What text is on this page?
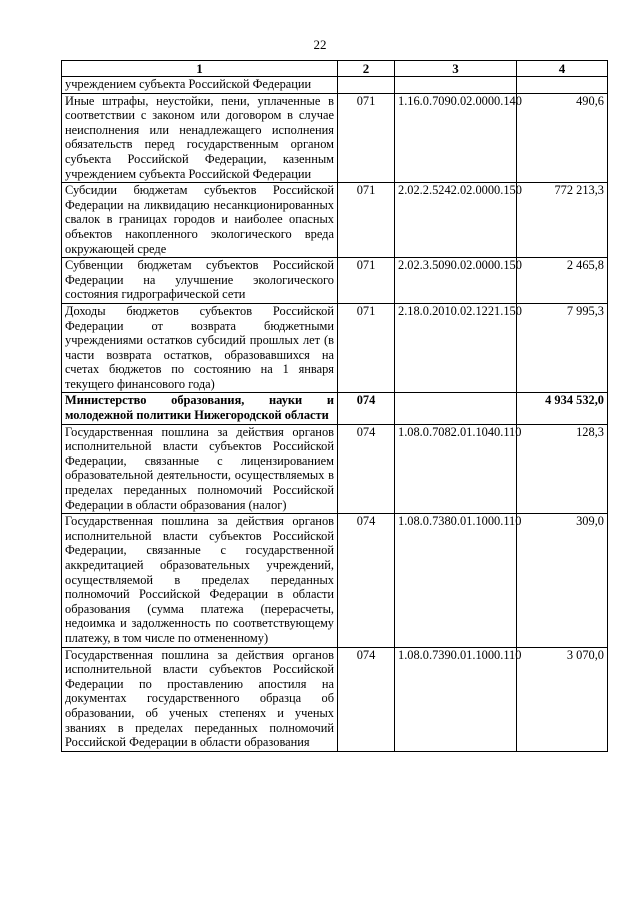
22
1	2	3	4
учреждением субъекта Российской Федерации			
Иные штрафы, неустойки, пени, уплаченные в соответствии с законом или договором в случае неисполнения или ненадлежащего исполнения обязательств перед государственным органом субъекта Российской Федерации, казенным учреждением субъекта Российской Федерации	071	1.16.0.7090.02.0000.140	490,6
Субсидии бюджетам субъектов Российской Федерации на ликвидацию несанкционированных свалок в границах городов и наиболее опасных объектов накопленного экологического вреда окружающей среде	071	2.02.2.5242.02.0000.150	772 213,3
Субвенции бюджетам субъектов Российской Федерации на улучшение экологического состояния гидрографической сети	071	2.02.3.5090.02.0000.150	2 465,8
Доходы бюджетов субъектов Российской Федерации от возврата бюджетными учреждениями остатков субсидий прошлых лет (в части возврата остатков, образовавшихся на счетах бюджетов по состоянию на 1 января текущего финансового года)	071	2.18.0.2010.02.1221.150	7 995,3
Министерство образования, науки и молодежной политики Нижегородской области	074		4 934 532,0
Государственная пошлина за действия органов исполнительной власти субъектов Российской Федерации, связанные с лицензированием образовательной деятельности, осуществляемых в пределах переданных полномочий Российской Федерации в области образования (налог)	074	1.08.0.7082.01.1040.110	128,3
Государственная пошлина за действия органов исполнительной власти субъектов Российской Федерации, связанные с государственной аккредитацией образовательных учреждений, осуществляемой в пределах переданных полномочий Российской Федерации в области образования (сумма платежа (перерасчеты, недоимка и задолженность по соответствующему платежу, в том числе по отмененному)	074	1.08.0.7380.01.1000.110	309,0
Государственная пошлина за действия органов исполнительной власти субъектов Российской Федерации по проставлению апостиля на документах государственного образца об образовании, об ученых степенях и ученых званиях в пределах переданных полномочий Российской Федерации в области образования	074	1.08.0.7390.01.1000.110	3 070,0
